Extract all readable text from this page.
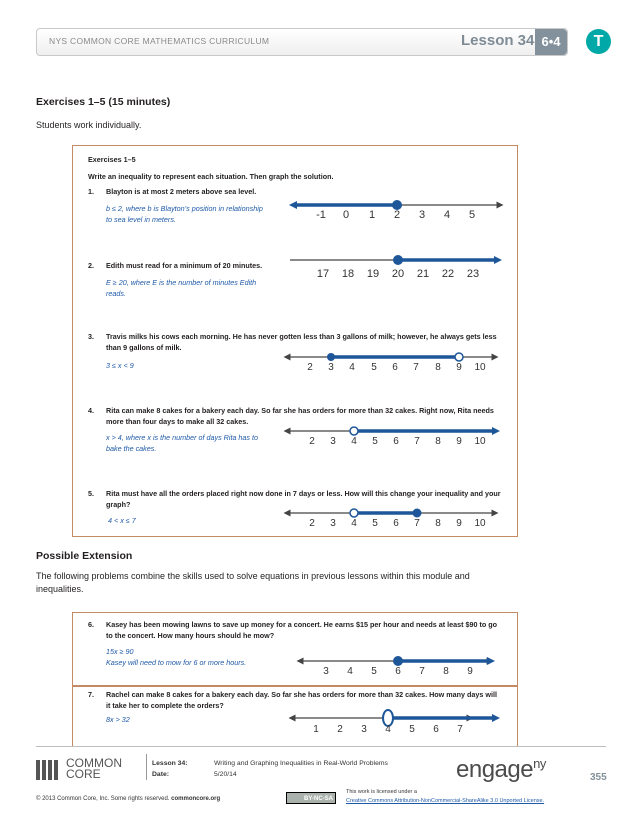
NYS COMMON CORE MATHEMATICS CURRICULUM	Lesson 34 6•4	T
Exercises 1–5 (15 minutes)
Students work individually.
Exercises 1–5
Write an inequality to represent each situation. Then graph the solution.
1. Blayton is at most 2 meters above sea level.
b ≤ 2, where b is Blayton’s position in relationship
to sea level in meters.
2. Edith must read for a minimum of 20 minutes.
E ≥ 20, where E is the number of minutes Edith
reads.
3. Travis milks his cows each morning. He has never gotten less than 3 gallons of milk; however, he always gets less
than 9 gallons of milk.
3 ≤ x < 9
4. Rita can make 8 cakes for a bakery each day. So far she has orders for more than 32 cakes. Right now, Rita needs
more than four days to make all 32 cakes.
x > 4, where x is the number of days Rita has to
bake the cakes.
5. Rita must have all the orders placed right now done in 7 days or less. How will this change your inequality and your
graph?
4 < x ≤ 7
Possible Extension
The following problems combine the skills used to solve equations in previous lessons within this module and
inequalities.
6. Kasey has been mowing lawns to save up money for a concert. He earns $15 per hour and needs at least $90 to go
to the concert. How many hours should he mow?
15x ≥ 90
Kasey will need to mow for 6 or more hours.
7. Rachel can make 8 cakes for a bakery each day. So far she has orders for more than 32 cakes. How many days will
it take her to complete the orders?
8x > 32
-1 0 1 2 3 4 5
17 18 19 20 21 22 23
2 3 4 5 6 7 8 9 10
2 3 4 5 6 7 8 9 10
2 3 4 5 6 7 8 9 10
3 4 5 6 7 8 9
1 2 3 4 5 6 7
COMMON
CORE
Lesson 34:	Writing and Graphing Inequalities in Real-World Problems
Date:	5/20/14	engage$^{ny}$
355
© 2013 Common Core, Inc. Some rights reserved. commoncore.org	BY-NC-SA
This work is licensed under a
Creative Commons Attribution-NonCommercial-ShareAlike 3.0 Unported License.
